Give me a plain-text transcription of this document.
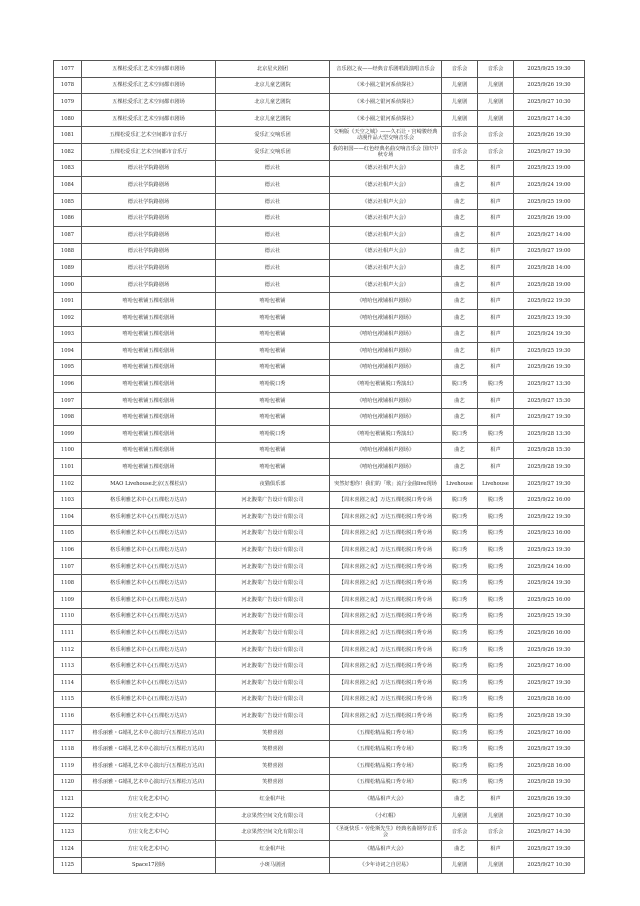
1077	五棵松爱乐汇艺术空间都市剧场	北京星火剧团	音乐剧之夜——经典音乐剧唱段演唱音乐会	音乐会	音乐会	2025/9/25 19:30
1078	五棵松爱乐汇艺术空间都市剧场	北京儿童艺剧院	《米小圈之银河系侦探社》	儿童剧	儿童剧	2025/9/26 19:30
1079	五棵松爱乐汇艺术空间都市剧场	北京儿童艺剧院	《米小圈之银河系侦探社》	儿童剧	儿童剧	2025/9/27 10:30
1080	五棵松爱乐汇艺术空间都市剧场	北京儿童艺剧院	《米小圈之银河系侦探社》	儿童剧	儿童剧	2025/9/27 14:30
1081	五棵松爱乐汇艺术空间都市音乐厅	爱乐汇交响乐团	交响版《天空之城》——久石让・宫崎骏经典动漫作品大型交响音乐会	音乐会	音乐会	2025/9/26 19:30
1082	五棵松爱乐汇艺术空间都市音乐厅	爱乐汇交响乐团	我的祖国——红色经典名曲交响音乐会 国庆中秋专场	音乐会	音乐会	2025/9/27 19:30
1083	德云社学院路剧场	德云社	《德云社相声大会》	曲艺	相声	2025/9/23 19:00
1084	德云社学院路剧场	德云社	《德云社相声大会》	曲艺	相声	2025/9/24 19:00
1085	德云社学院路剧场	德云社	《德云社相声大会》	曲艺	相声	2025/9/25 19:00
1086	德云社学院路剧场	德云社	《德云社相声大会》	曲艺	相声	2025/9/26 19:00
1087	德云社学院路剧场	德云社	《德云社相声大会》	曲艺	相声	2025/9/27 14:00
1088	德云社学院路剧场	德云社	《德云社相声大会》	曲艺	相声	2025/9/27 19:00
1089	德云社学院路剧场	德云社	《德云社相声大会》	曲艺	相声	2025/9/28 14:00
1090	德云社学院路剧场	德云社	《德云社相声大会》	曲艺	相声	2025/9/28 19:00
1091	嘻哈包袱铺五棵松剧场	嘻哈包袱铺	《嘻哈包袱铺相声剧场》	曲艺	相声	2025/9/22 19:30
1092	嘻哈包袱铺五棵松剧场	嘻哈包袱铺	《嘻哈包袱铺相声剧场》	曲艺	相声	2025/9/23 19:30
1093	嘻哈包袱铺五棵松剧场	嘻哈包袱铺	《嘻哈包袱铺相声剧场》	曲艺	相声	2025/9/24 19:30
1094	嘻哈包袱铺五棵松剧场	嘻哈包袱铺	《嘻哈包袱铺相声剧场》	曲艺	相声	2025/9/25 19:30
1095	嘻哈包袱铺五棵松剧场	嘻哈包袱铺	《嘻哈包袱铺相声剧场》	曲艺	相声	2025/9/26 19:30
1096	嘻哈包袱铺五棵松剧场	嘻哈脱口秀	《嘻哈包袱铺脱口秀演出》	脱口秀	脱口秀	2025/9/27 13:30
1097	嘻哈包袱铺五棵松剧场	嘻哈包袱铺	《嘻哈包袱铺相声剧场》	曲艺	相声	2025/9/27 15:30
1098	嘻哈包袱铺五棵松剧场	嘻哈包袱铺	《嘻哈包袱铺相声剧场》	曲艺	相声	2025/9/27 19:30
1099	嘻哈包袱铺五棵松剧场	嘻哈脱口秀	《嘻哈包袱铺脱口秀演出》	脱口秀	脱口秀	2025/9/28 13:30
1100	嘻哈包袱铺五棵松剧场	嘻哈包袱铺	《嘻哈包袱铺相声剧场》	曲艺	相声	2025/9/28 15:30
1101	嘻哈包袱铺五棵松剧场	嘻哈包袱铺	《嘻哈包袱铺相声剧场》	曲艺	相声	2025/9/28 19:30
1102	MAO Livehouse北京(五棵松店)	夜猫俱乐部	突然好想你！我们的「歌」流行金曲live现场	Livehouse	Livehouse	2025/9/27 19:30
1103	格乐利雅艺术中心(五棵松万达店)	河北馥業广告设计有限公司	【周末喜剧之夜】万达五棵松脱口秀专场	脱口秀	脱口秀	2025/9/22 16:00
1104	格乐利雅艺术中心(五棵松万达店)	河北馥業广告设计有限公司	【周末喜剧之夜】万达五棵松脱口秀专场	脱口秀	脱口秀	2025/9/22 19:30
1105	格乐利雅艺术中心(五棵松万达店)	河北馥業广告设计有限公司	【周末喜剧之夜】万达五棵松脱口秀专场	脱口秀	脱口秀	2025/9/23 16:00
1106	格乐利雅艺术中心(五棵松万达店)	河北馥業广告设计有限公司	【周末喜剧之夜】万达五棵松脱口秀专场	脱口秀	脱口秀	2025/9/23 19:30
1107	格乐利雅艺术中心(五棵松万达店)	河北馥業广告设计有限公司	【周末喜剧之夜】万达五棵松脱口秀专场	脱口秀	脱口秀	2025/9/24 16:00
1108	格乐利雅艺术中心(五棵松万达店)	河北馥業广告设计有限公司	【周末喜剧之夜】万达五棵松脱口秀专场	脱口秀	脱口秀	2025/9/24 19:30
1109	格乐利雅艺术中心(五棵松万达店)	河北馥業广告设计有限公司	【周末喜剧之夜】万达五棵松脱口秀专场	脱口秀	脱口秀	2025/9/25 16:00
1110	格乐利雅艺术中心(五棵松万达店)	河北馥業广告设计有限公司	【周末喜剧之夜】万达五棵松脱口秀专场	脱口秀	脱口秀	2025/9/25 19:30
1111	格乐利雅艺术中心(五棵松万达店)	河北馥業广告设计有限公司	【周末喜剧之夜】万达五棵松脱口秀专场	脱口秀	脱口秀	2025/9/26 16:00
1112	格乐利雅艺术中心(五棵松万达店)	河北馥業广告设计有限公司	【周末喜剧之夜】万达五棵松脱口秀专场	脱口秀	脱口秀	2025/9/26 19:30
1113	格乐利雅艺术中心(五棵松万达店)	河北馥業广告设计有限公司	【周末喜剧之夜】万达五棵松脱口秀专场	脱口秀	脱口秀	2025/9/27 16:00
1114	格乐利雅艺术中心(五棵松万达店)	河北馥業广告设计有限公司	【周末喜剧之夜】万达五棵松脱口秀专场	脱口秀	脱口秀	2025/9/27 19:30
1115	格乐利雅艺术中心(五棵松万达店)	河北馥業广告设计有限公司	【周末喜剧之夜】万达五棵松脱口秀专场	脱口秀	脱口秀	2025/9/28 16:00
1116	格乐利雅艺术中心(五棵松万达店)	河北馥業广告设计有限公司	【周末喜剧之夜】万达五棵松脱口秀专场	脱口秀	脱口秀	2025/9/28 19:30
1117	格乐丽雅・G婚礼艺术中心演出厅(五棵松万达店)	笑橙喜剧	《五棵松精品脱口秀专场》	脱口秀	脱口秀	2025/9/27 16:00
1118	格乐丽雅・G婚礼艺术中心演出厅(五棵松万达店)	笑橙喜剧	《五棵松精品脱口秀专场》	脱口秀	脱口秀	2025/9/27 19:30
1119	格乐丽雅・G婚礼艺术中心演出厅(五棵松万达店)	笑橙喜剧	《五棵松精品脱口秀专场》	脱口秀	脱口秀	2025/9/28 16:00
1120	格乐丽雅・G婚礼艺术中心演出厅(五棵松万达店)	笑橙喜剧	《五棵松精品脱口秀专场》	脱口秀	脱口秀	2025/9/28 19:30
1121	方庄文化艺术中心	红金相声社	《精品相声大会》	曲艺	相声	2025/9/26 19:30
1122	方庄文化艺术中心	北京果然空间文化有限公司	《小红帽》	儿童剧	儿童剧	2025/9/27 10:30
1123	方庄文化艺术中心	北京果然空间文化有限公司	《圣诞快乐・劳伦斯先生》经典名曲钢琴音乐会	音乐会	音乐会	2025/9/27 14:30
1124	方庄文化艺术中心	红金相声社	《精品相声大会》	曲艺	相声	2025/9/27 19:30
1125	Space17剧场	小斑马剧团	《少年诗词之自居易》	儿童剧	儿童剧	2025/9/27 10:30
